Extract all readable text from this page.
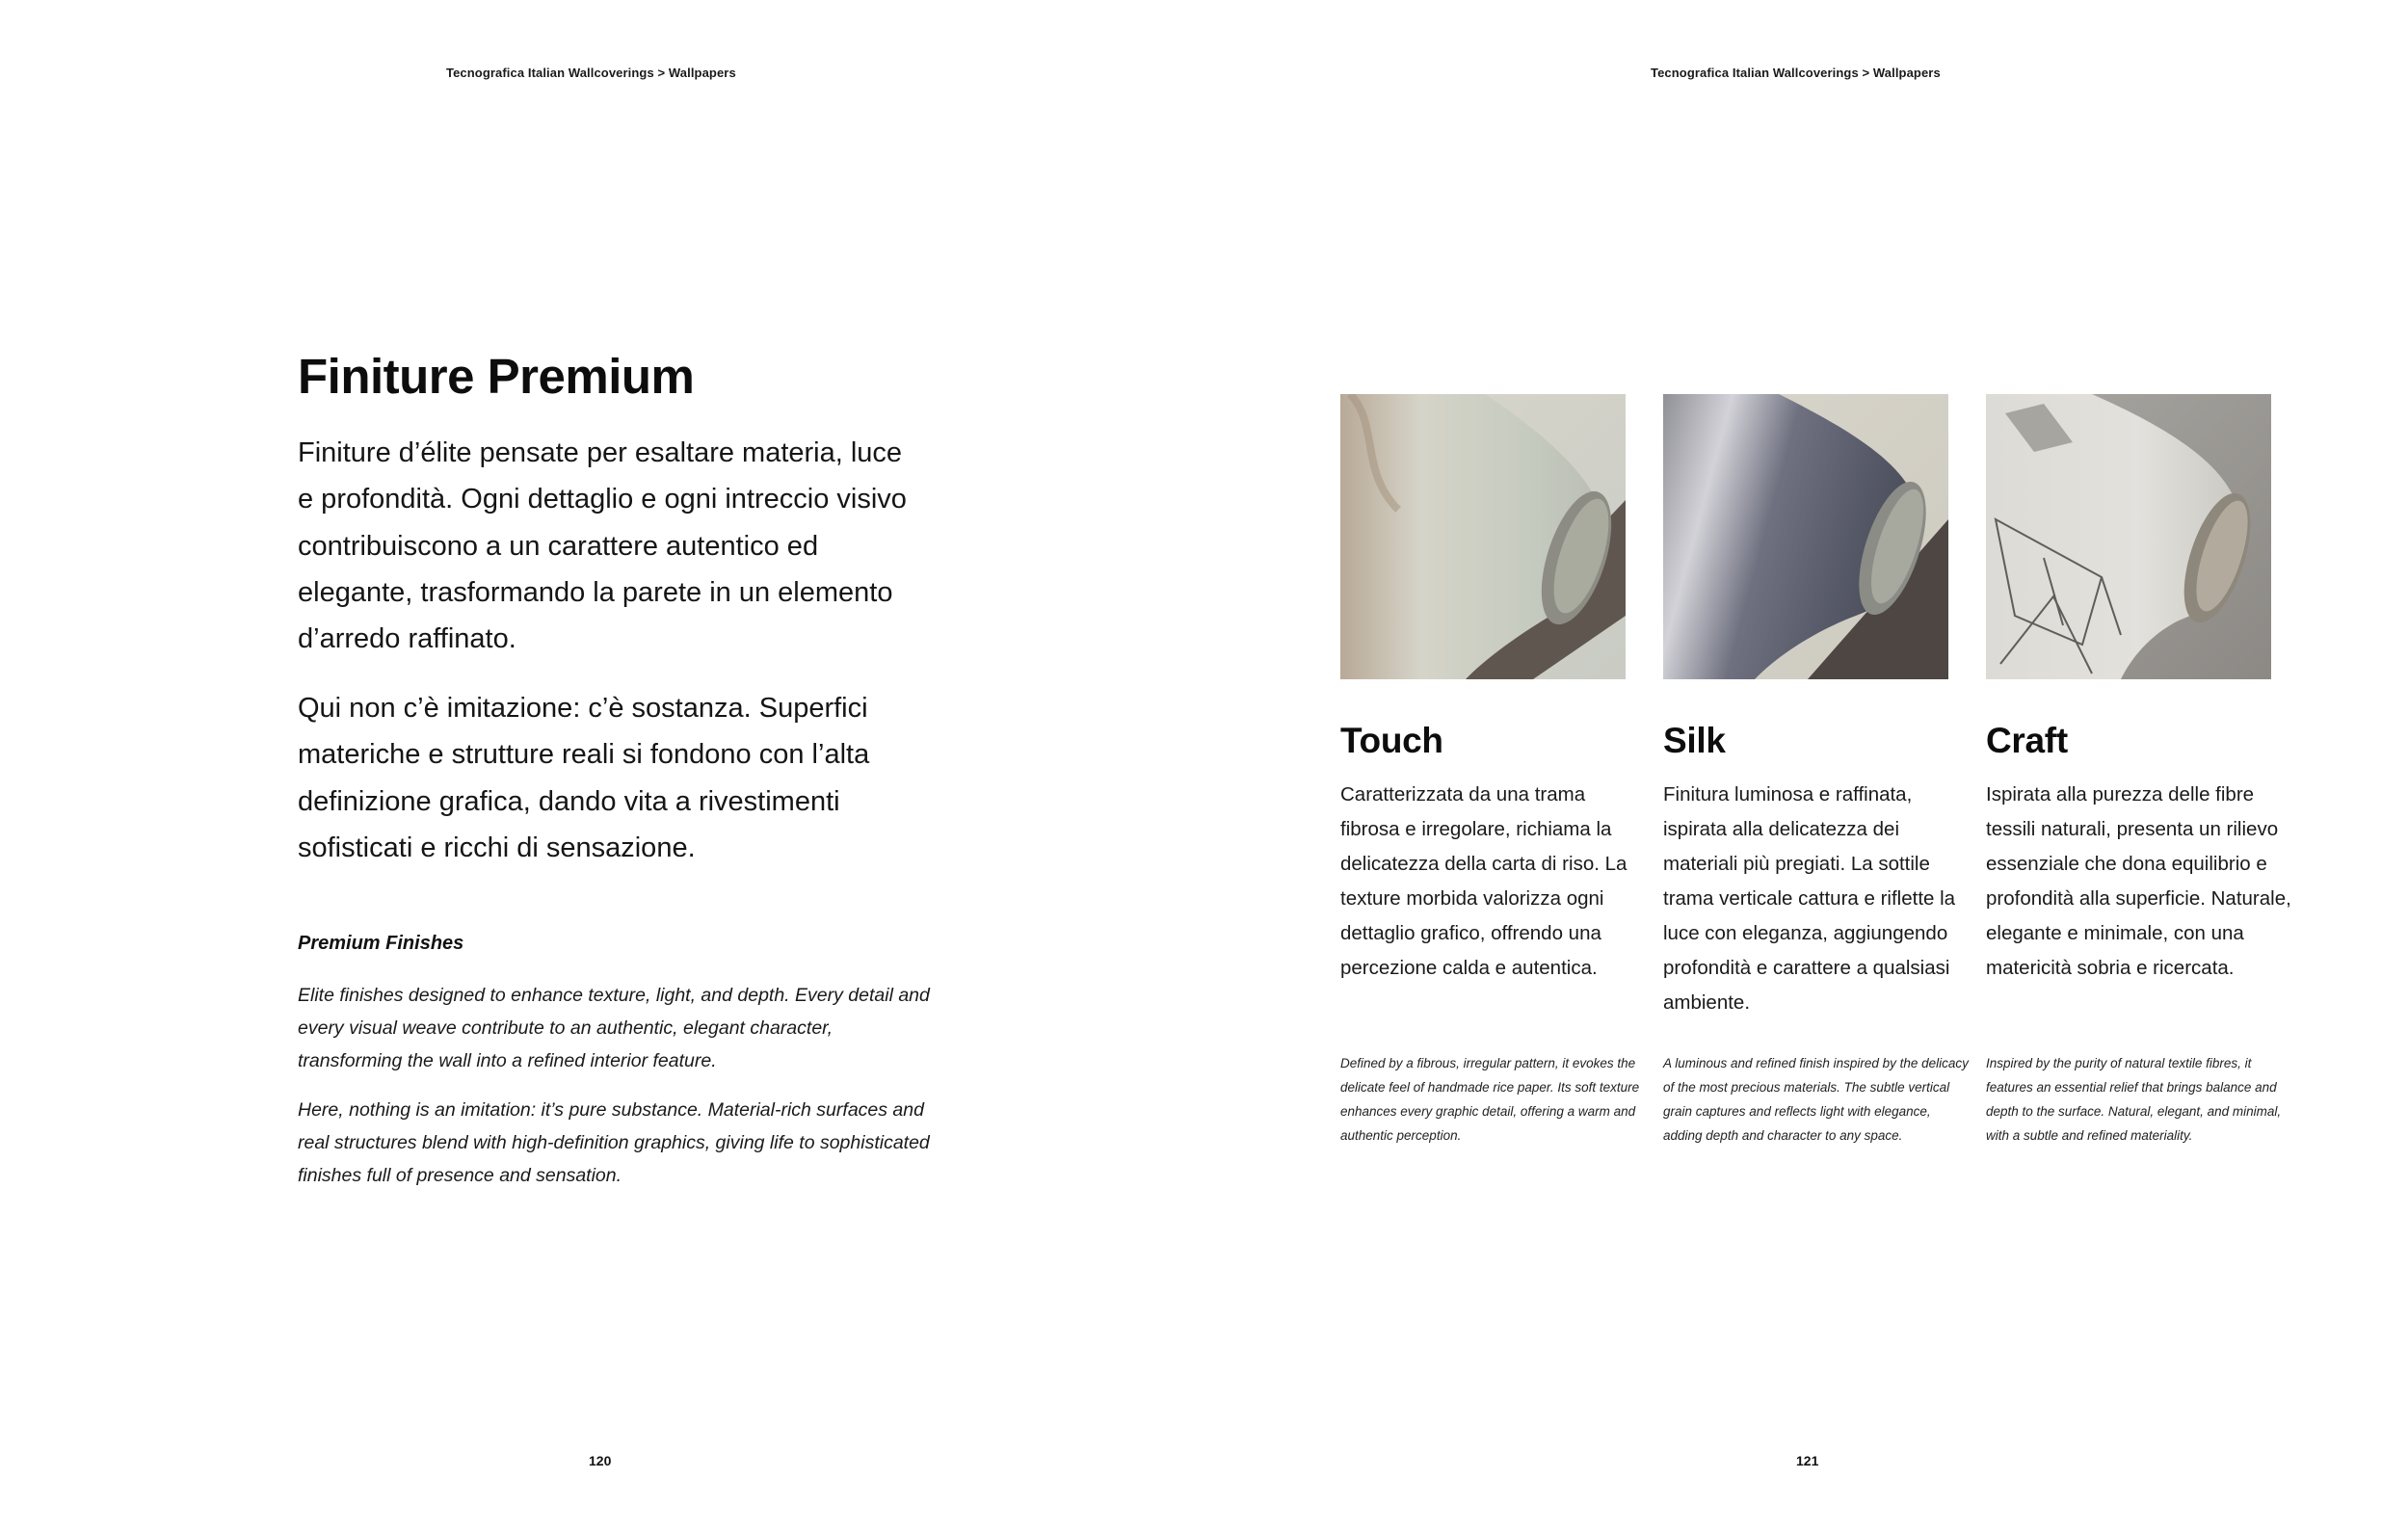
Tecnografica Italian Wallcoverings > Wallpapers
Finiture Premium

Finiture d’élite pensate per esaltare materia, luce e profondità. Ogni dettaglio e ogni intreccio visivo contribuiscono a un carattere autentico ed elegante, trasformando la parete in un elemento d’arredo raffinato.

Qui non c’è imitazione: c’è sostanza. Superfici materiche e strutture reali si fondono con l’alta definizione grafica, dando vita a rivestimenti sofisticati e ricchi di sensazione.

Premium Finishes

Elite finishes designed to enhance texture, light, and depth. Every detail and every visual weave contribute to an authentic, elegant character, transforming the wall into a refined interior feature.

Here, nothing is an imitation: it’s pure substance. Material-rich surfaces and real structures blend with high-definition graphics, giving life to sophisticated finishes full of presence and sensation.

120
Tecnografica Italian Wallcoverings > Wallpapers
Touch

Caratterizzata da una trama fibrosa e irregolare, richiama la delicatezza della carta di riso. La texture morbida valorizza ogni dettaglio grafico, offrendo una percezione calda e autentica.

Defined by a fibrous, irregular pattern, it evokes the delicate feel of handmade rice paper. Its soft texture enhances every graphic detail, offering a warm and authentic perception.

Silk

Finitura luminosa e raffinata, ispirata alla delicatezza dei materiali più pregiati. La sottile trama verticale cattura e riflette la luce con eleganza, aggiungendo profondità e carattere a qualsiasi ambiente.

A luminous and refined finish inspired by the delicacy of the most precious materials. The subtle vertical grain captures and reflects light with elegance, adding depth and character to any space.

Craft

Ispirata alla purezza delle fibre tessili naturali, presenta un rilievo essenziale che dona equilibrio e profondità alla superficie. Naturale, elegante e minimale, con una matericità sobria e ricercata.

Inspired by the purity of natural textile fibres, it features an essential relief that brings balance and depth to the surface. Natural, elegant, and minimal, with a subtle and refined materiality.

121
